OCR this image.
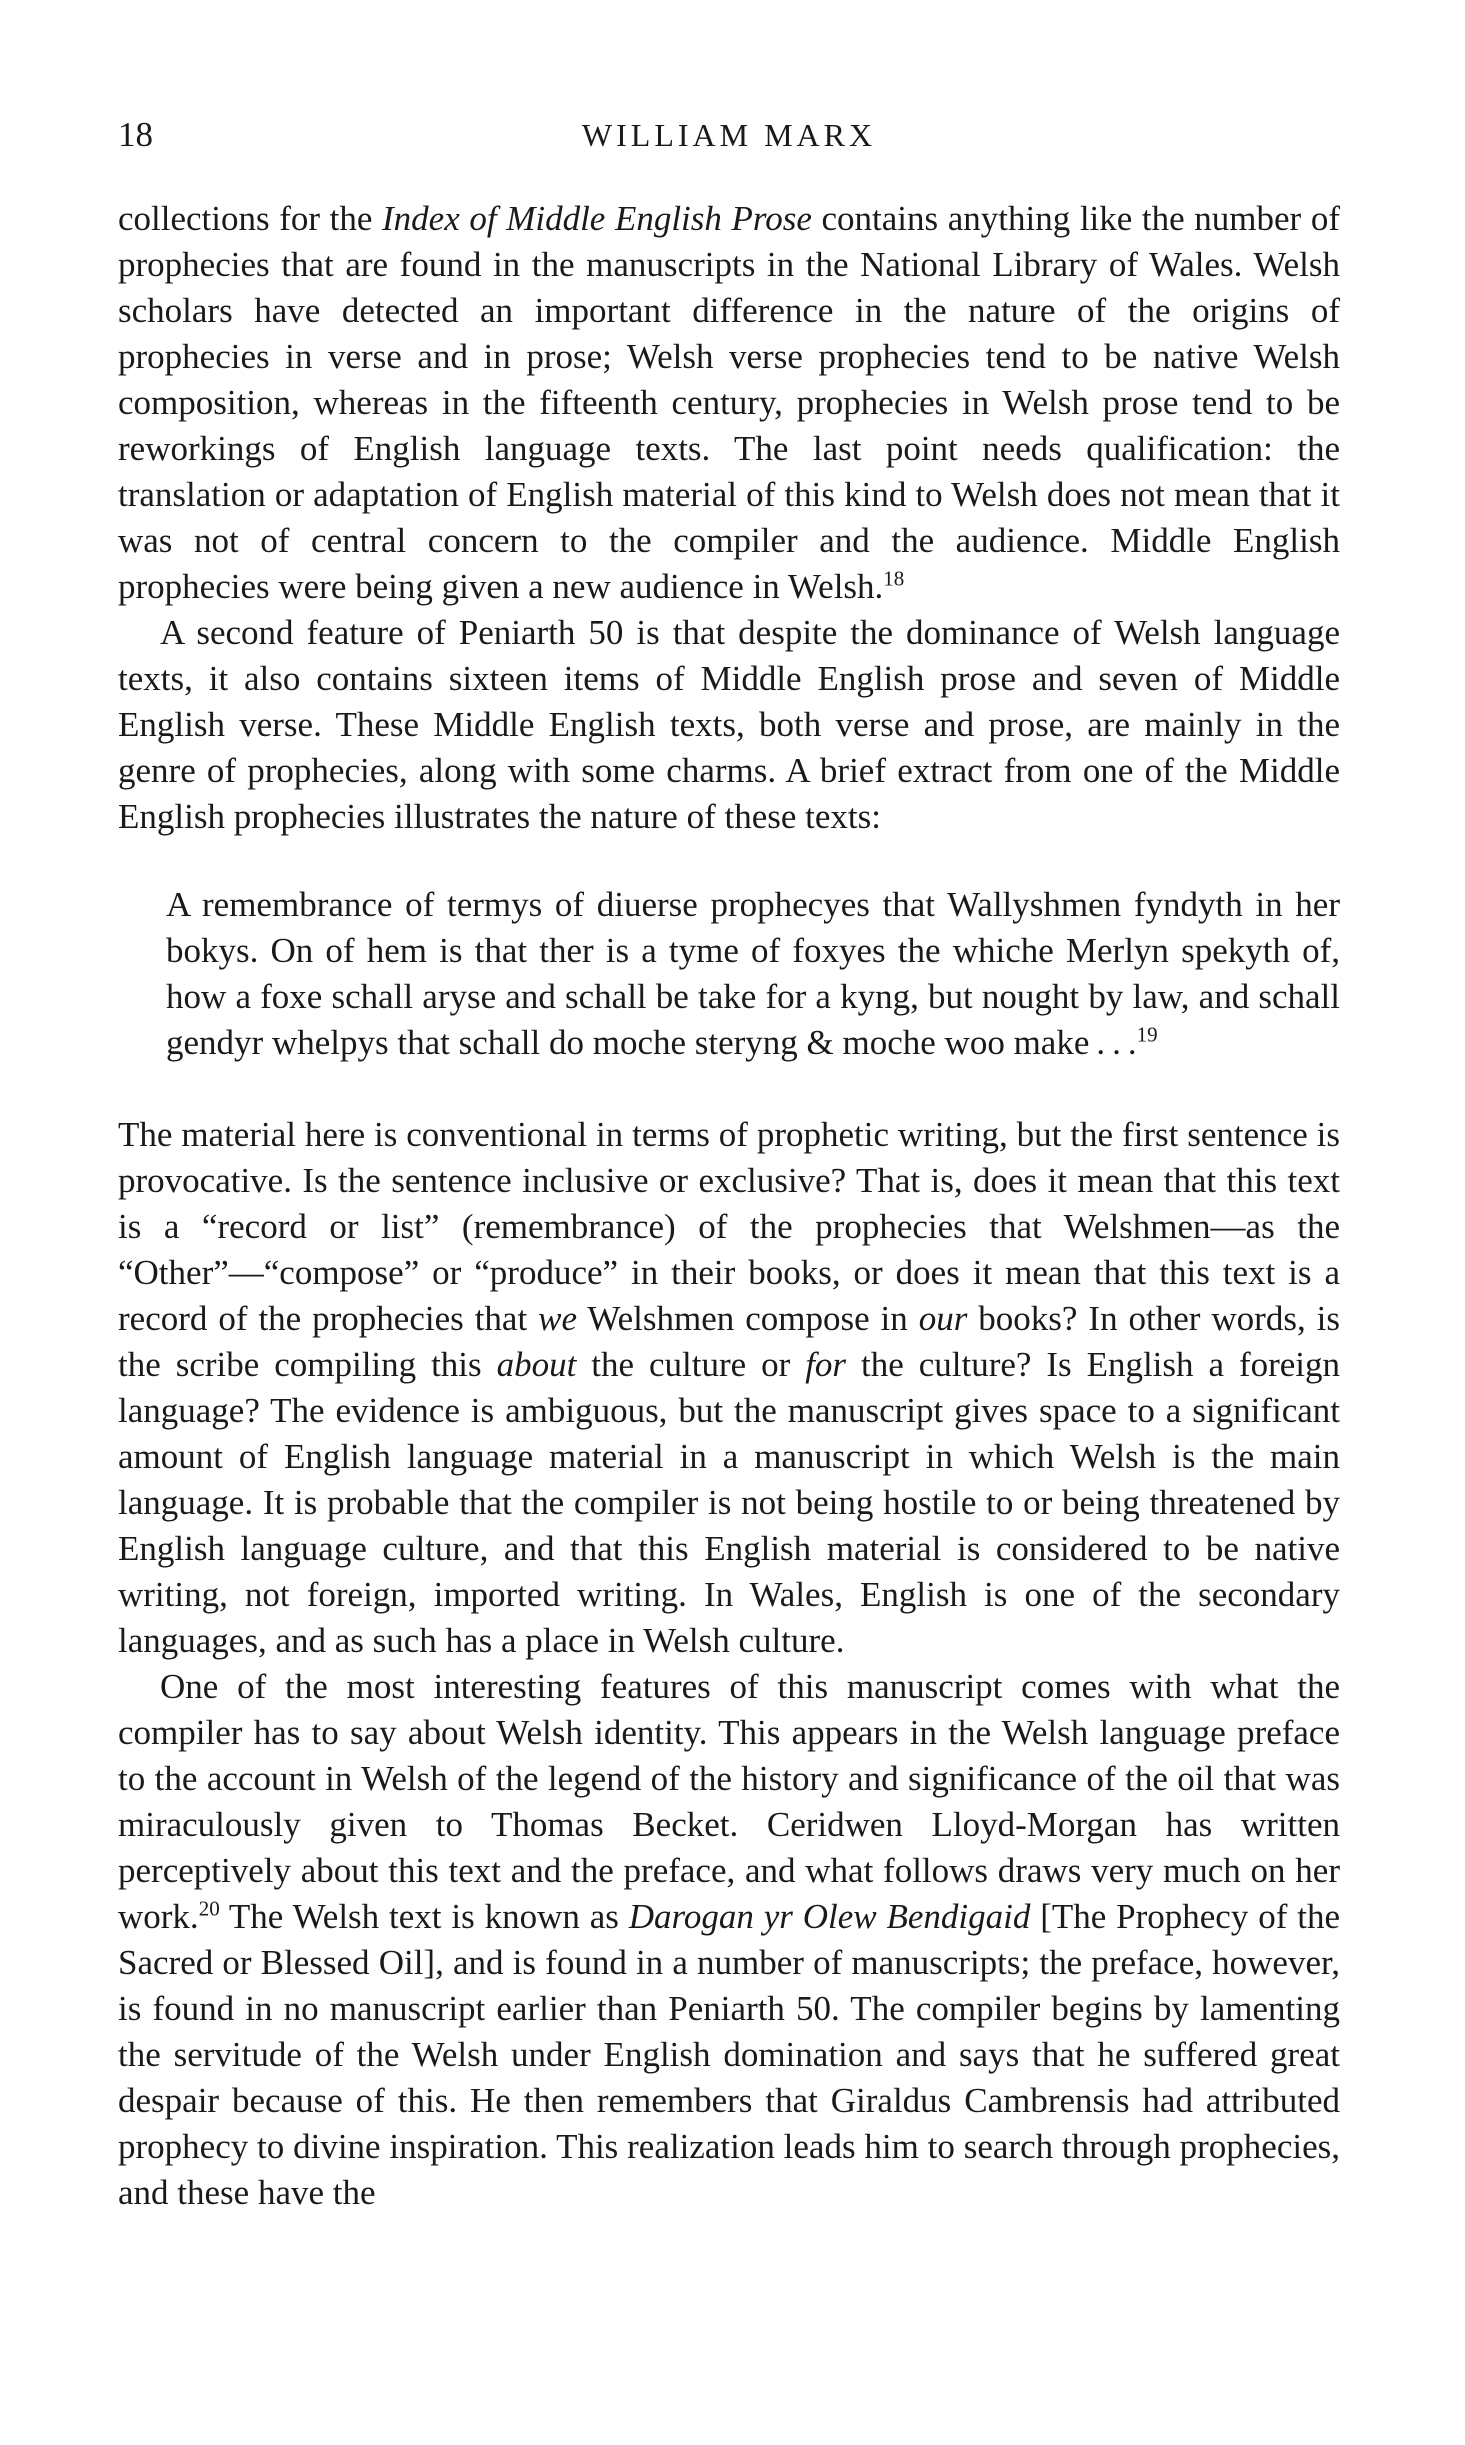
18	WILLIAM MARX

collections for the Index of Middle English Prose contains anything like the number of prophecies that are found in the manuscripts in the National Library of Wales. Welsh scholars have detected an important difference in the nature of the origins of prophecies in verse and in prose; Welsh verse prophecies tend to be native Welsh composition, whereas in the fifteenth century, prophecies in Welsh prose tend to be reworkings of English language texts. The last point needs qualification: the translation or adaptation of English material of this kind to Welsh does not mean that it was not of central concern to the compiler and the audience. Middle English prophecies were being given a new audience in Welsh.$^{18}$

A second feature of Peniarth 50 is that despite the dominance of Welsh language texts, it also contains sixteen items of Middle English prose and seven of Middle English verse. These Middle English texts, both verse and prose, are mainly in the genre of prophecies, along with some charms. A brief extract from one of the Middle English prophecies illustrates the nature of these texts:

A remembrance of termys of diuerse prophecyes that Wallyshmen fyndyth in her bokys. On of hem is that ther is a tyme of foxyes the whiche Merlyn spekyth of, how a foxe schall aryse and schall be take for a kyng, but nought by law, and schall gendyr whelpys that schall do moche steryng & moche woo make . . .$^{19}$

The material here is conventional in terms of prophetic writing, but the first sentence is provocative. Is the sentence inclusive or exclusive? That is, does it mean that this text is a “record or list” (remembrance) of the prophecies that Welshmen—as the “Other”—“compose” or “produce” in their books, or does it mean that this text is a record of the prophecies that we Welshmen compose in our books? In other words, is the scribe compiling this about the culture or for the culture? Is English a foreign language? The evidence is ambiguous, but the manuscript gives space to a significant amount of English language material in a manuscript in which Welsh is the main language. It is probable that the compiler is not being hostile to or being threatened by English language culture, and that this English material is considered to be native writing, not foreign, imported writing. In Wales, English is one of the secondary languages, and as such has a place in Welsh culture.

One of the most interesting features of this manuscript comes with what the compiler has to say about Welsh identity. This appears in the Welsh language preface to the account in Welsh of the legend of the history and significance of the oil that was miraculously given to Thomas Becket. Ceridwen Lloyd-Morgan has written perceptively about this text and the preface, and what follows draws very much on her work.$^{20}$ The Welsh text is known as Darogan yr Olew Bendigaid [The Prophecy of the Sacred or Blessed Oil], and is found in a number of manuscripts; the preface, however, is found in no manuscript earlier than Peniarth 50. The compiler begins by lamenting the servitude of the Welsh under English domination and says that he suffered great despair because of this. He then remembers that Giraldus Cambrensis had attributed prophecy to divine inspiration. This realization leads him to search through prophecies, and these have the
